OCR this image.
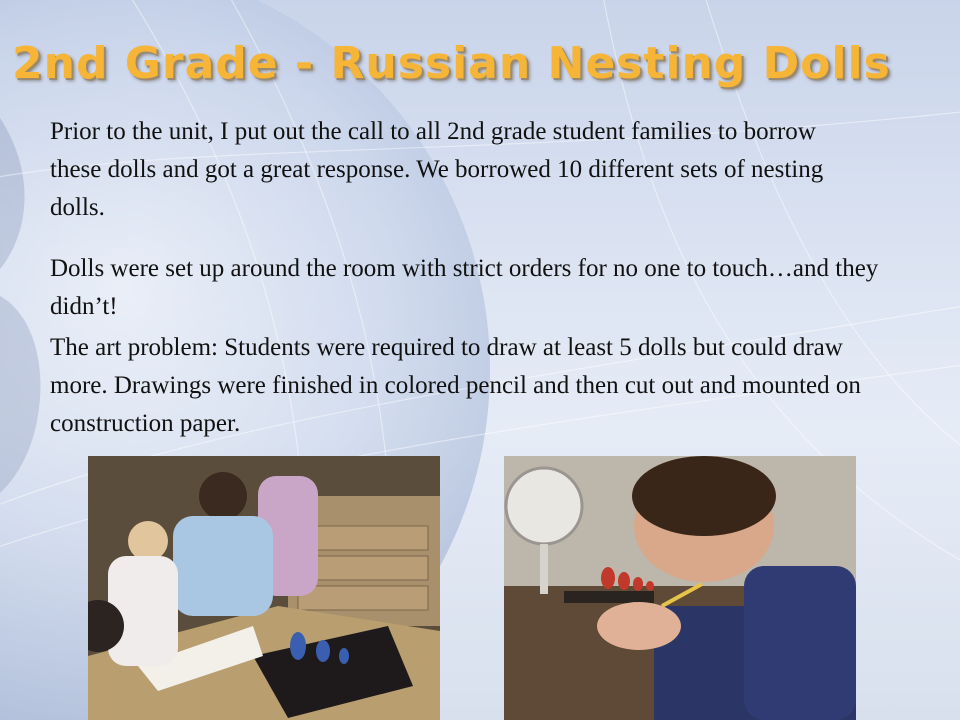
2nd Grade - Russian Nesting Dolls

Prior to the unit, I put out the call to all 2nd grade student families to borrow these dolls and got a great response. We borrowed 10 different sets of nesting dolls.

Dolls were set up around the room with strict orders for no one to touch…and they didn’t!

The art problem: Students were required to draw at least 5 dolls but could draw more. Drawings were finished in colored pencil and then cut out and mounted on construction paper.
